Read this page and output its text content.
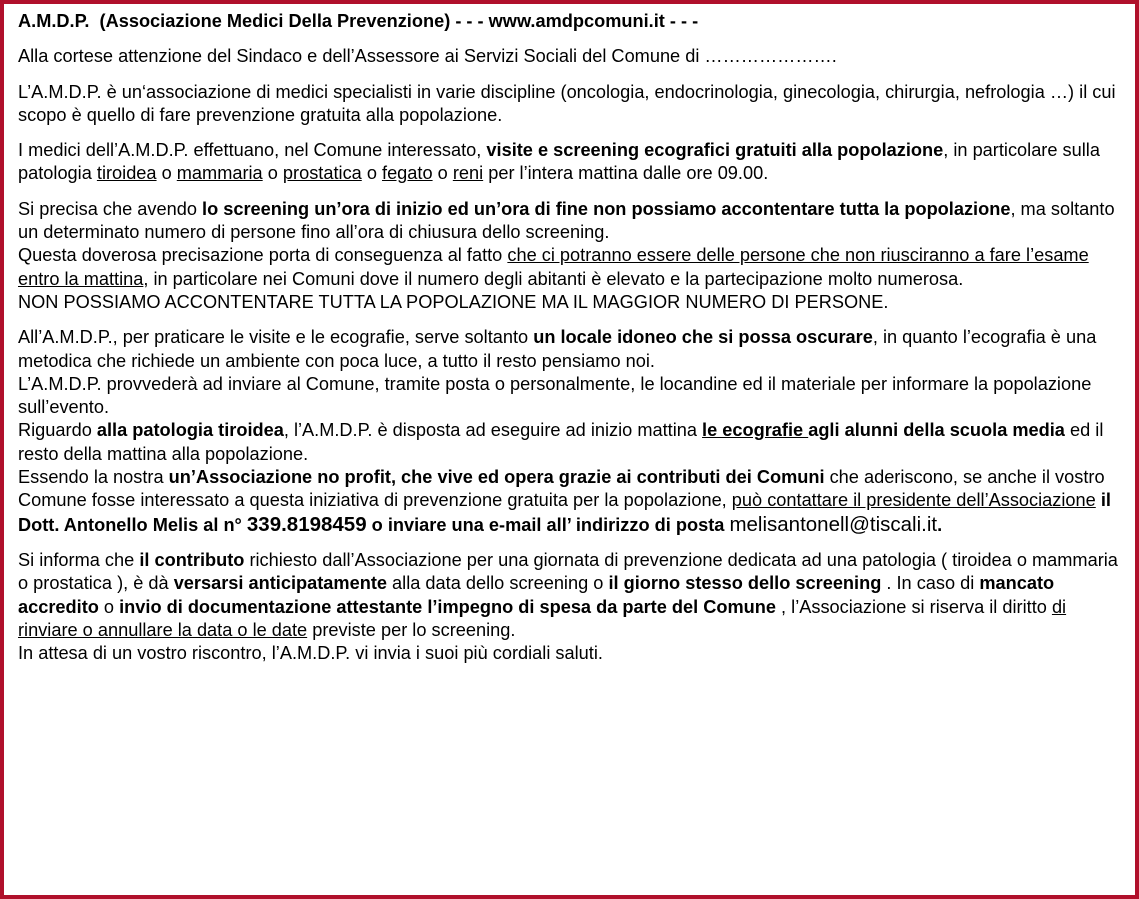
A.M.D.P. (Associazione Medici Della Prevenzione) - - - www.amdpcomuni.it - - -

Alla cortese attenzione del Sindaco e dell’Assessore ai Servizi Sociali del Comune di ………………….

L’A.M.D.P. è un‘associazione di medici specialisti in varie discipline (oncologia, endocrinologia, ginecologia, chirurgia, nefrologia …) il cui scopo è quello di fare prevenzione gratuita alla popolazione.

I medici dell’A.M.D.P. effettuano, nel Comune interessato, visite e screening ecografici gratuiti alla popolazione, in particolare sulla patologia tiroidea o mammaria o prostatica o fegato o reni per l’intera mattina dalle ore 09.00.

Si precisa che avendo lo screening un’ora di inizio ed un’ora di fine non possiamo accontentare tutta la popolazione, ma soltanto un determinato numero di persone fino all’ora di chiusura dello screening.
Questa doverosa precisazione porta di conseguenza al fatto che ci potranno essere delle persone che non riusciranno a fare l’esame entro la mattina, in particolare nei Comuni dove il numero degli abitanti è elevato e la partecipazione molto numerosa.
NON POSSIAMO ACCONTENTARE TUTTA LA POPOLAZIONE MA IL MAGGIOR NUMERO DI PERSONE.

All’A.M.D.P., per praticare le visite e le ecografie, serve soltanto un locale idoneo che si possa oscurare, in quanto l’ecografia è una metodica che richiede un ambiente con poca luce, a tutto il resto pensiamo noi.
L’A.M.D.P. provvederà ad inviare al Comune, tramite posta o personalmente, le locandine ed il materiale per informare la popolazione sull’evento.
Riguardo alla patologia tiroidea, l’A.M.D.P. è disposta ad eseguire ad inizio mattina le ecografie agli alunni della scuola media ed il resto della mattina alla popolazione.
Essendo la nostra un’Associazione no profit, che vive ed opera grazie ai contributi dei Comuni che aderiscono, se anche il vostro Comune fosse interessato a questa iniziativa di prevenzione gratuita per la popolazione, può contattare il presidente dell’Associazione il Dott. Antonello Melis al n° 339.8198459 o inviare una e-mail all’ indirizzo di posta melisantonell@tiscali.it.

Si informa che il contributo richiesto dall’Associazione per una giornata di prevenzione dedicata ad una patologia ( tiroidea o mammaria o prostatica ), è dà versarsi anticipatamente alla data dello screening o il giorno stesso dello screening . In caso di mancato accredito o invio di documentazione attestante l’impegno di spesa da parte del Comune , l’Associazione si riserva il diritto di rinviare o annullare la data o le date previste per lo screening.
In attesa di un vostro riscontro, l’A.M.D.P. vi invia i suoi più cordiali saluti.
